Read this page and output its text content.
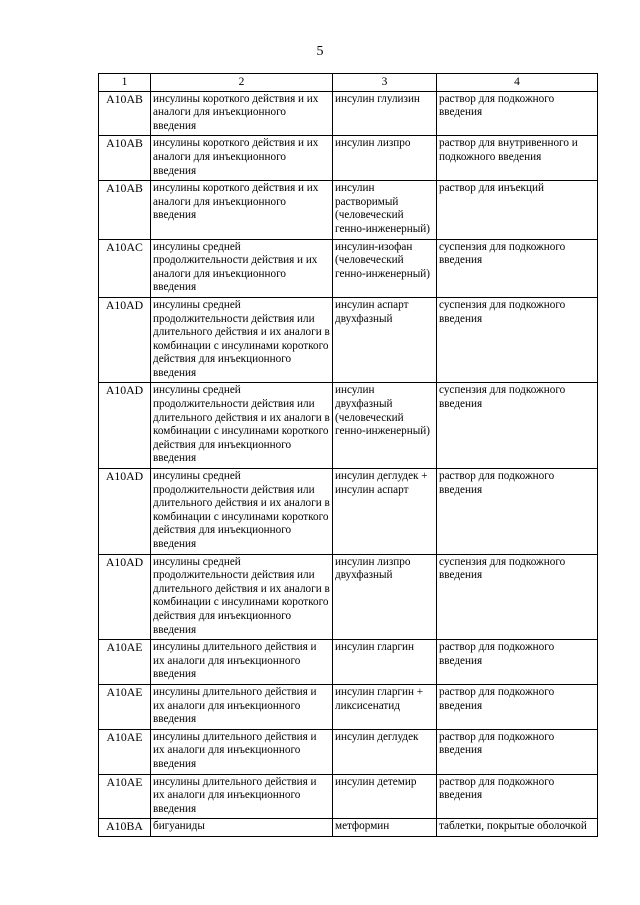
5
1	2	3	4
A10AB	инсулины короткого действия и их аналоги для инъекционного введения	инсулин глулизин	раствор для подкожного введения
A10AB	инсулины короткого действия и их аналоги для инъекционного введения	инсулин лизпро	раствор для внутривенного и подкожного введения
A10AB	инсулины короткого действия и их аналоги для инъекционного введения	инсулин растворимый (человеческий генно-инженерный)	раствор для инъекций
A10AC	инсулины средней продолжительности действия и их аналоги для инъекционного введения	инсулин-изофан (человеческий генно-инженерный)	суспензия для подкожного введения
A10AD	инсулины средней продолжительности действия или длительного действия и их аналоги в комбинации с инсулинами короткого действия для инъекционного введения	инсулин аспарт двухфазный	суспензия для подкожного введения
A10AD	инсулины средней продолжительности действия или длительного действия и их аналоги в комбинации с инсулинами короткого действия для инъекционного введения	инсулин двухфазный (человеческий генно-инженерный)	суспензия для подкожного введения
A10AD	инсулины средней продолжительности действия или длительного действия и их аналоги в комбинации с инсулинами короткого действия для инъекционного введения	инсулин деглудек + инсулин аспарт	раствор для подкожного введения
A10AD	инсулины средней продолжительности действия или длительного действия и их аналоги в комбинации с инсулинами короткого действия для инъекционного введения	инсулин лизпро двухфазный	суспензия для подкожного введения
A10AE	инсулины длительного действия и их аналоги для инъекционного введения	инсулин гларгин	раствор для подкожного введения
A10AE	инсулины длительного действия и их аналоги для инъекционного введения	инсулин гларгин + ликсисенатид	раствор для подкожного введения
A10AE	инсулины длительного действия и их аналоги для инъекционного введения	инсулин деглудек	раствор для подкожного введения
A10AE	инсулины длительного действия и их аналоги для инъекционного введения	инсулин детемир	раствор для подкожного введения
A10BA	бигуаниды	метформин	таблетки, покрытые оболочкой
